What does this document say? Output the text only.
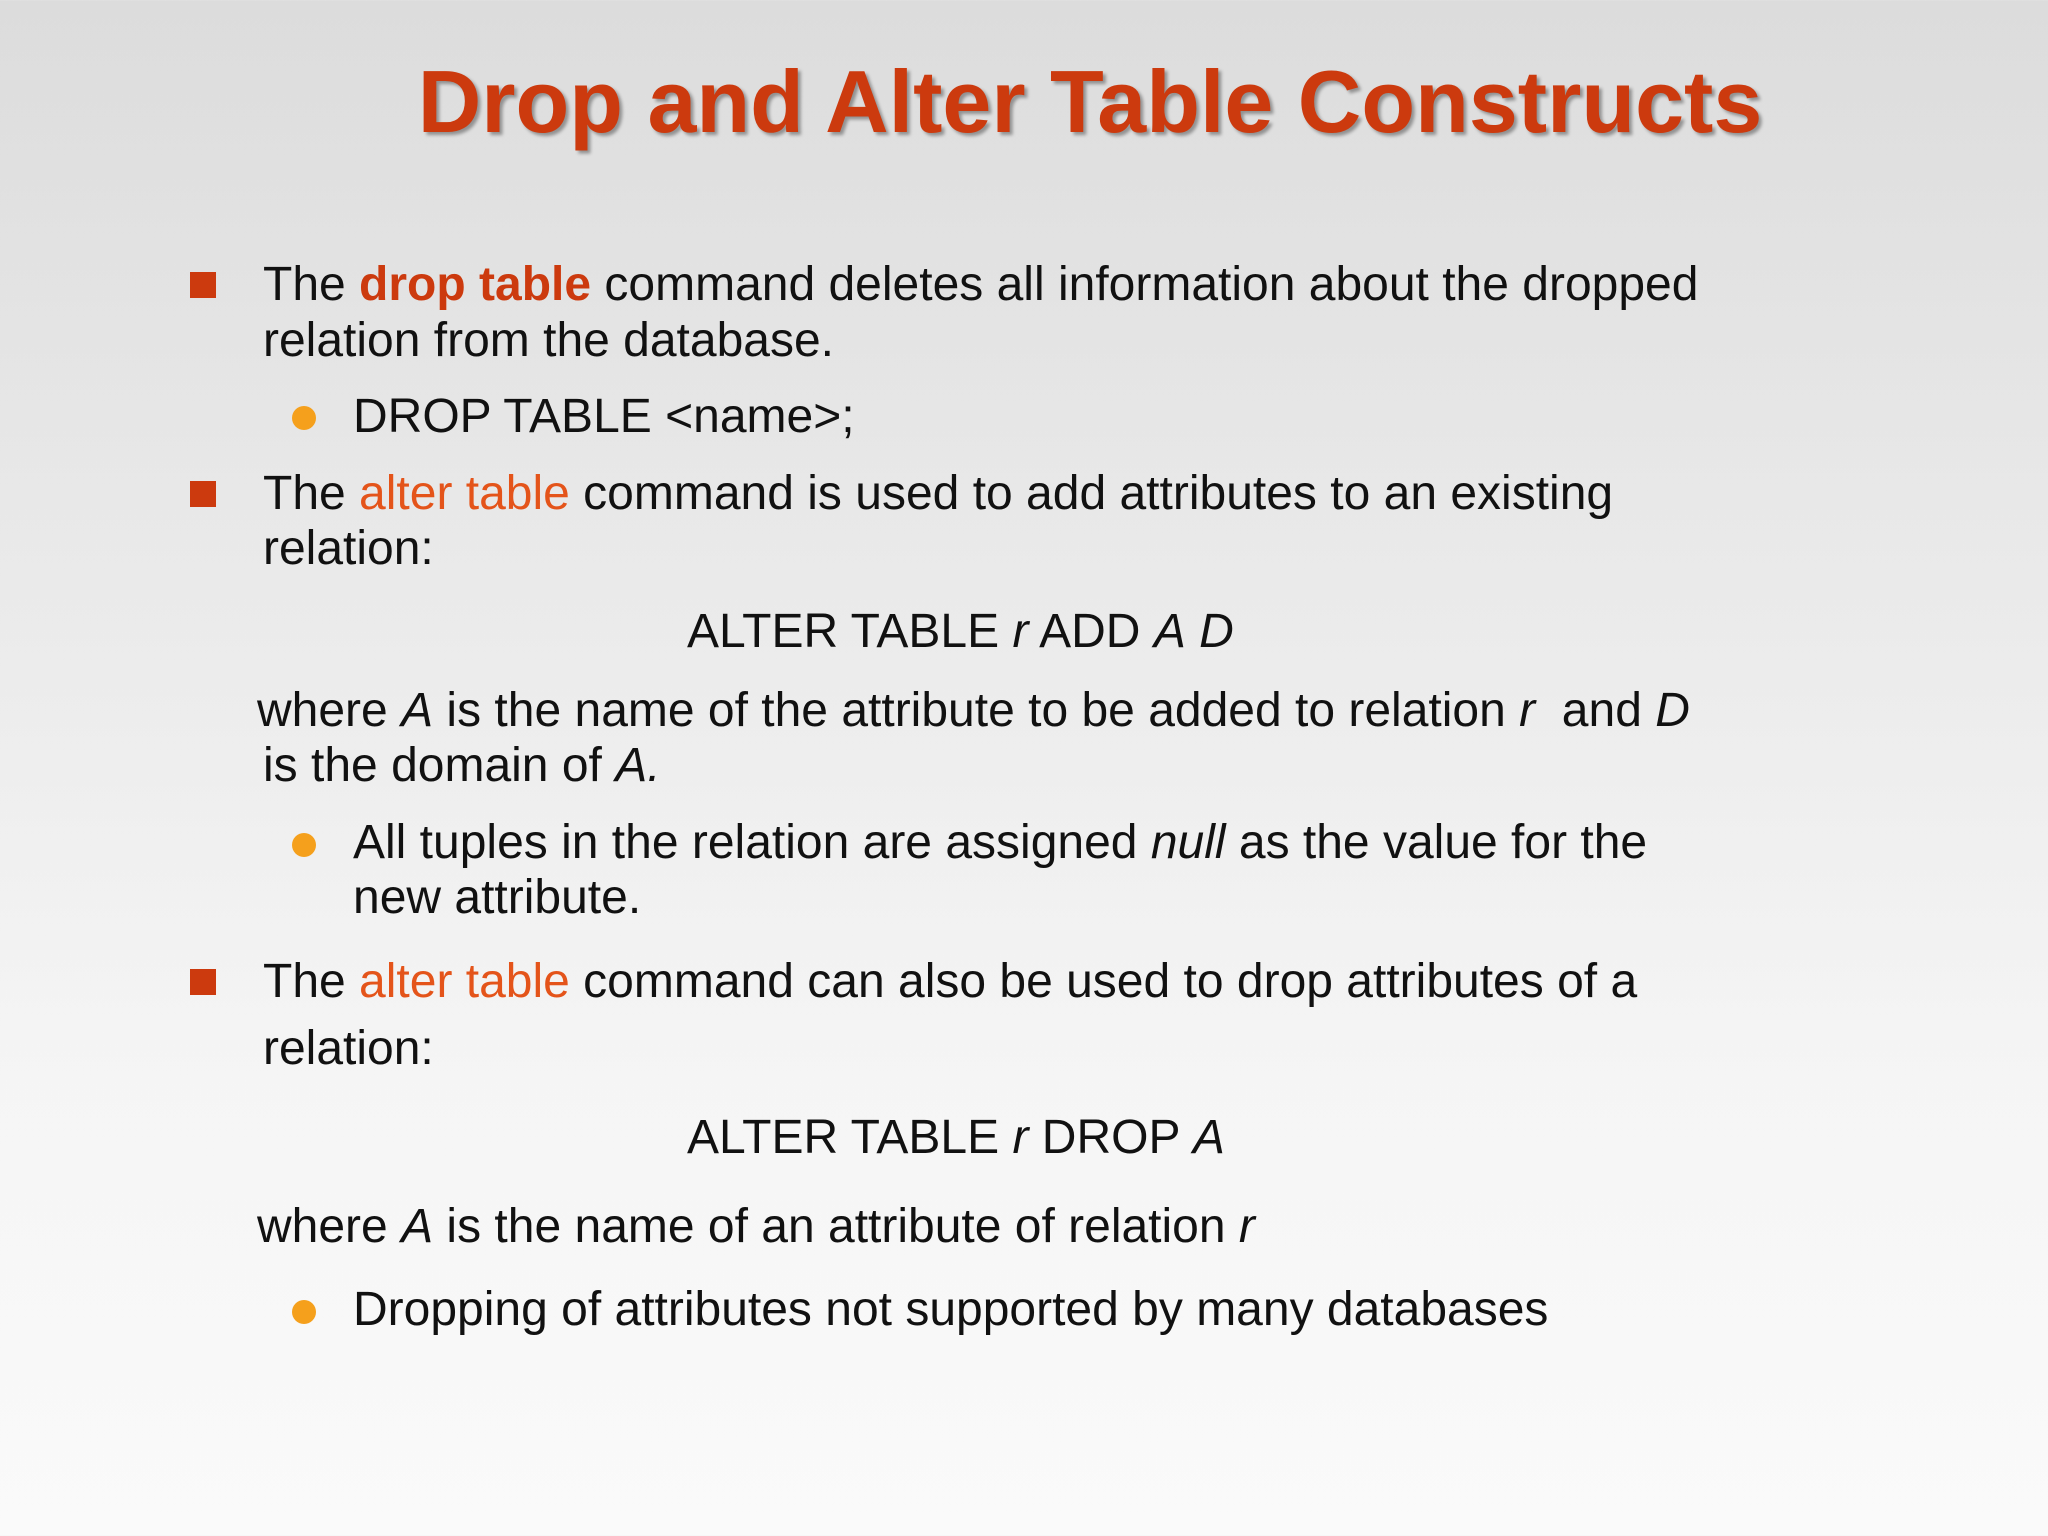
Drop and Alter Table Constructs

The drop table command deletes all information about the dropped

relation from the database.

DROP TABLE <name>;

The alter table command is used to add attributes to an existing

relation:

ALTER TABLE r ADD A D

where A is the name of the attribute to be added to relation r  and D

is the domain of A.

All tuples in the relation are assigned null as the value for the

new attribute.

The alter table command can also be used to drop attributes of a

relation:

ALTER TABLE r DROP A

where A is the name of an attribute of relation r

Dropping of attributes not supported by many databases
